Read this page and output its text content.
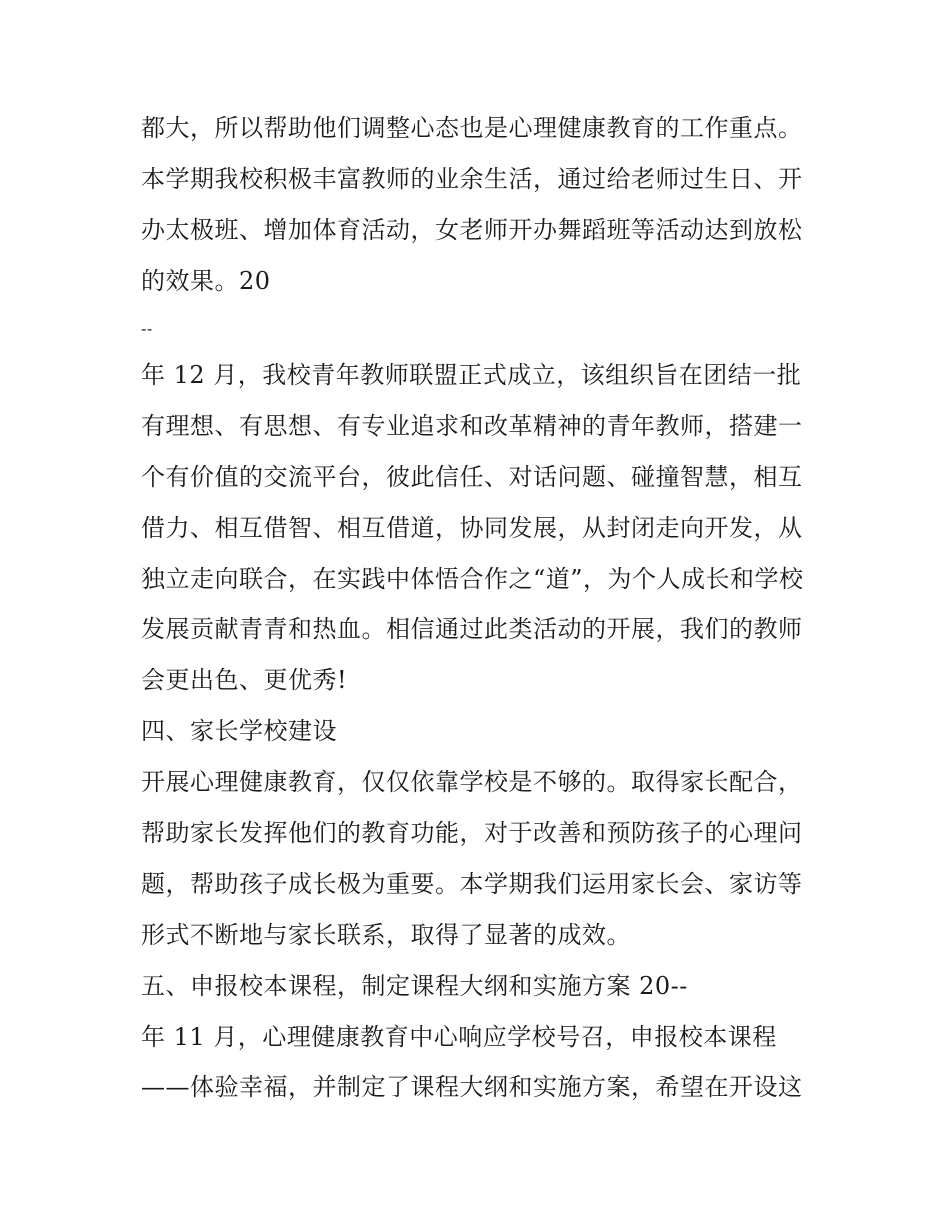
都大，所以帮助他们调整心态也是心理健康教育的工作重点。
本学期我校积极丰富教师的业余生活，通过给老师过生日、开
办太极班、增加体育活动，女老师开办舞蹈班等活动达到放松
的效果。20
--
年 12 月，我校青年教师联盟正式成立，该组织旨在团结一批
有理想、有思想、有专业追求和改革精神的青年教师，搭建一
个有价值的交流平台，彼此信任、对话问题、碰撞智慧，相互
借力、相互借智、相互借道，协同发展，从封闭走向开发，从
独立走向联合，在实践中体悟合作之“道”，为个人成长和学校
发展贡献青青和热血。相信通过此类活动的开展，我们的教师
会更出色、更优秀!
四、家长学校建设
开展心理健康教育，仅仅依靠学校是不够的。取得家长配合，
帮助家长发挥他们的教育功能，对于改善和预防孩子的心理问
题，帮助孩子成长极为重要。本学期我们运用家长会、家访等
形式不断地与家长联系，取得了显著的成效。
五、申报校本课程，制定课程大纲和实施方案 20--
年 11 月，心理健康教育中心响应学校号召，申报校本课程
——体验幸福，并制定了课程大纲和实施方案，希望在开设这
